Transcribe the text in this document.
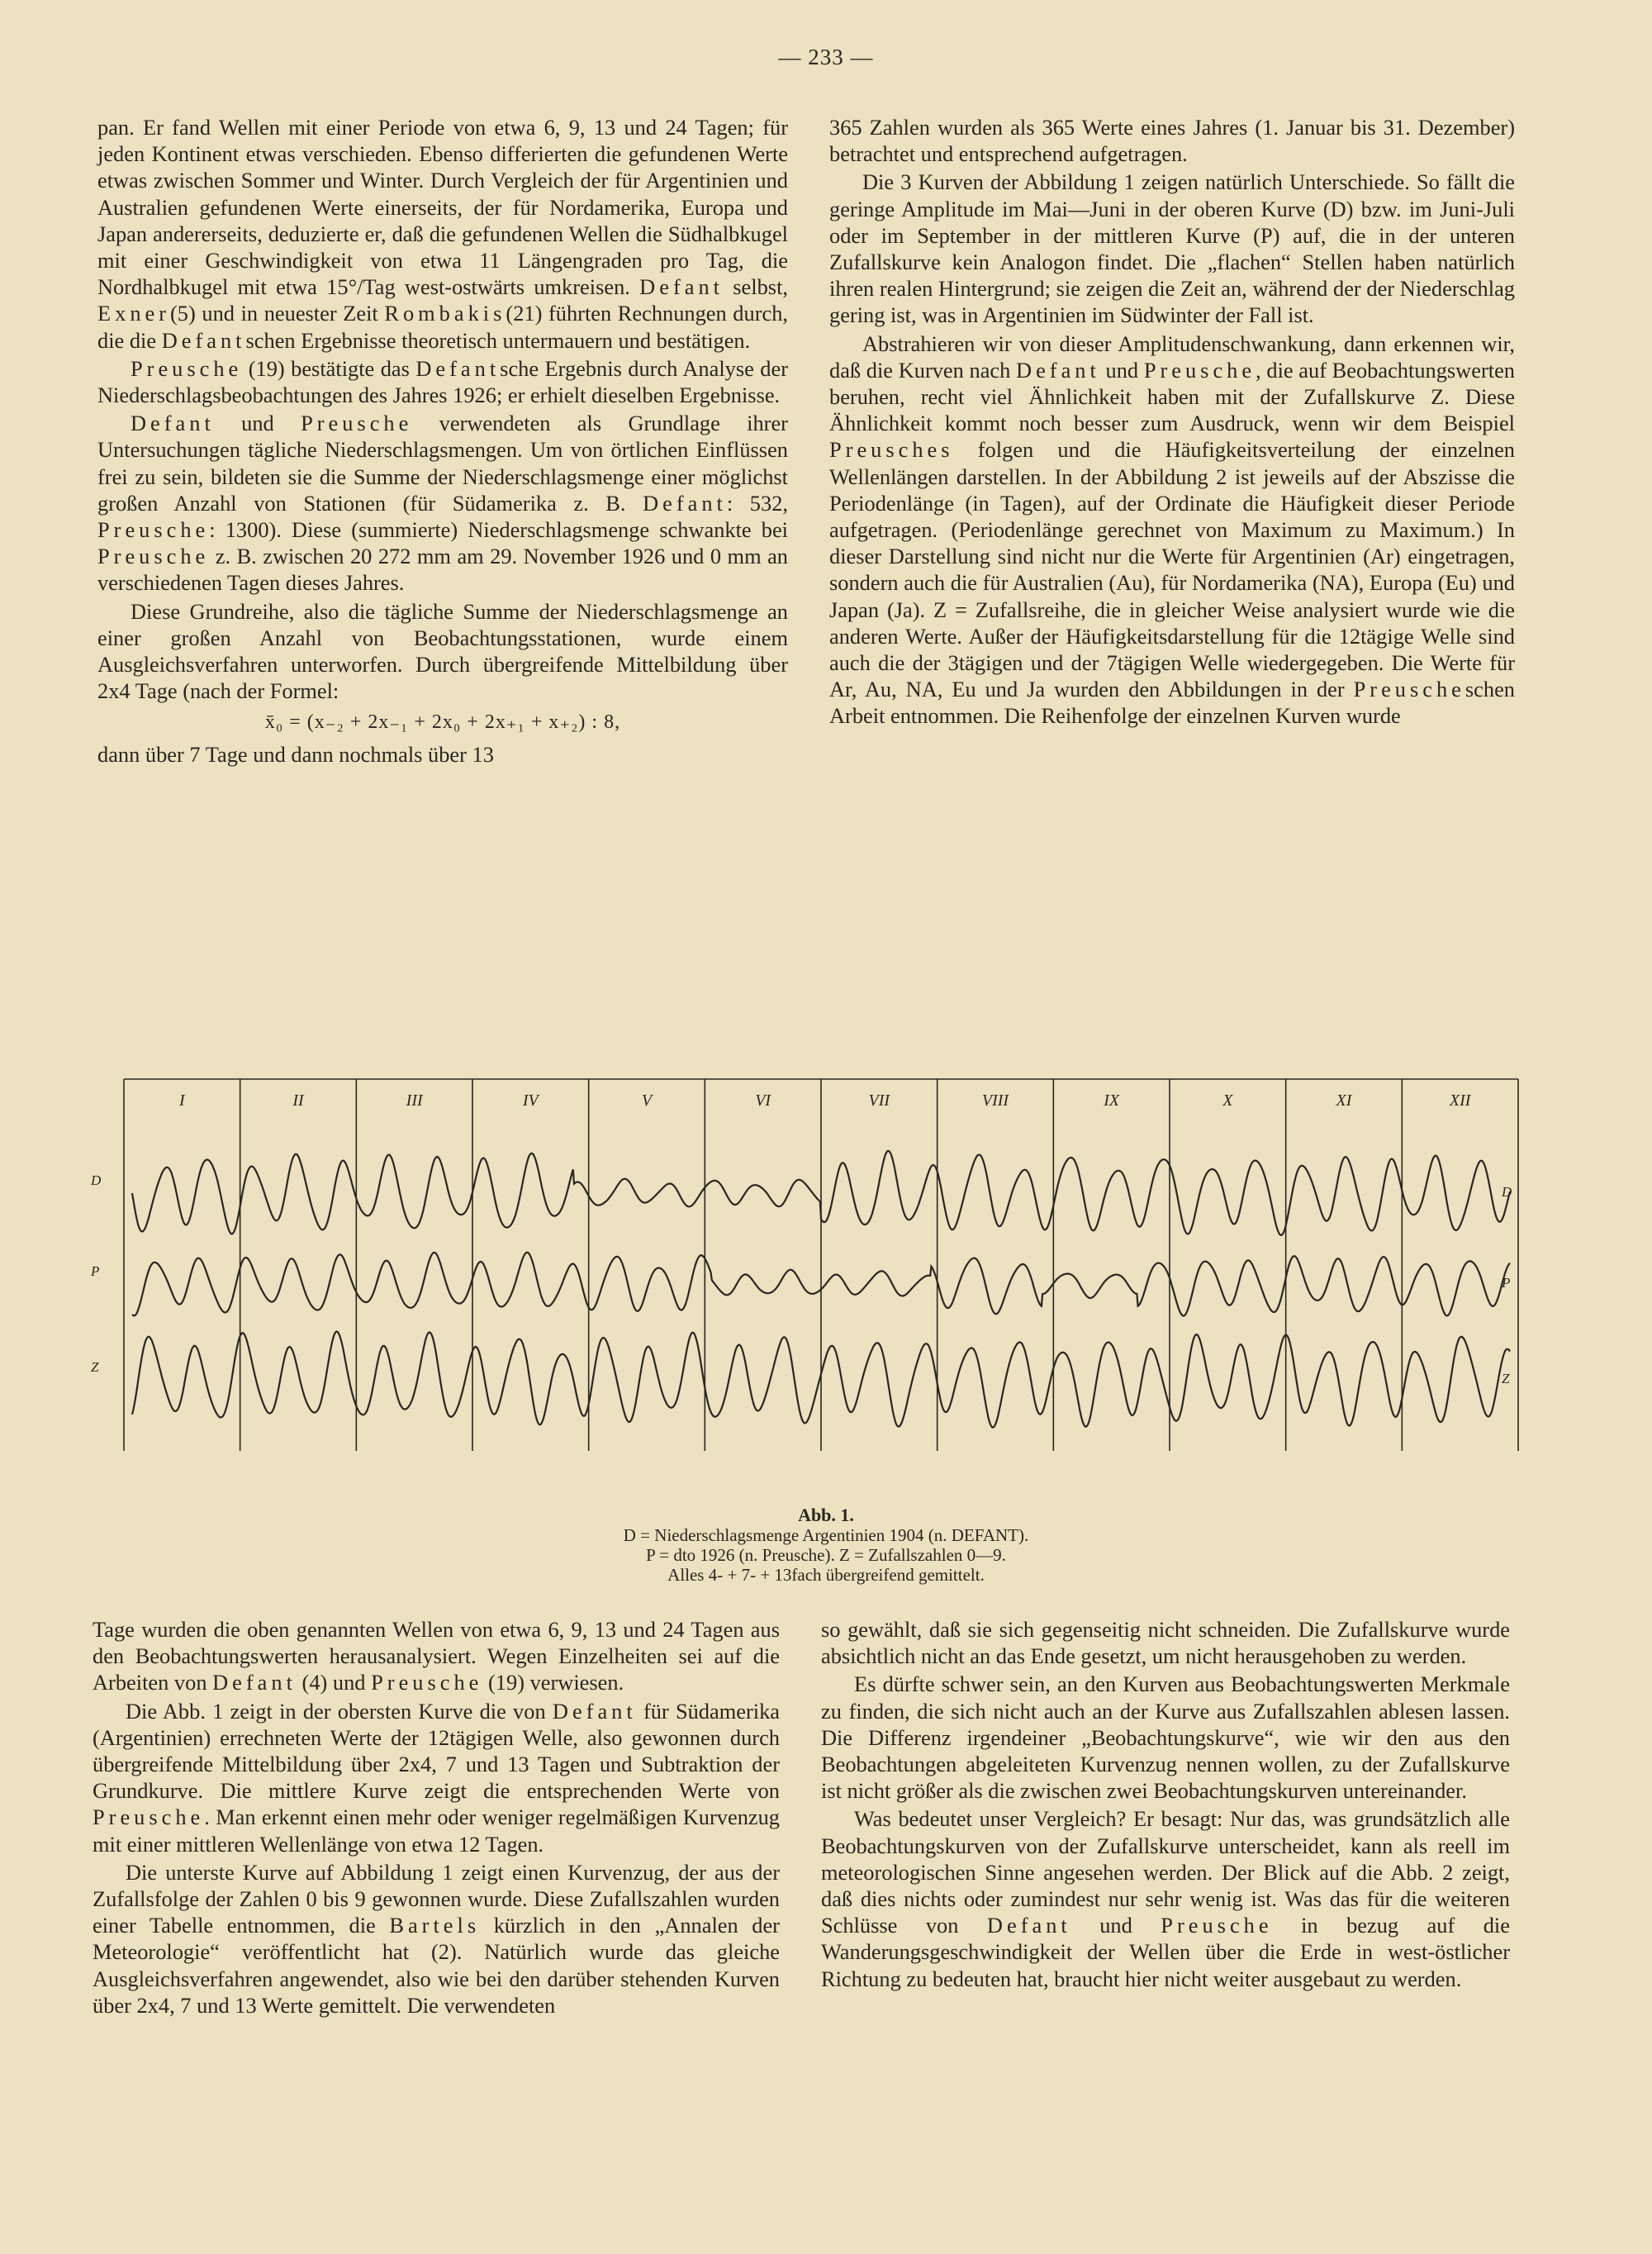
— 233 —

pan. Er fand Wellen mit einer Periode von etwa 6, 9, 13 und 24 Tagen; für jeden Kontinent etwas verschieden. Ebenso differierten die gefundenen Werte etwas zwischen Sommer und Winter. Durch Vergleich der für Argentinien und Australien gefundenen Werte einerseits, der für Nordamerika, Europa und Japan andererseits, deduzierte er, daß die gefundenen Wellen die Südhalbkugel mit einer Geschwindigkeit von etwa 11 Längengraden pro Tag, die Nordhalbkugel mit etwa 15°/Tag west-ostwärts umkreisen. Defant selbst, Exner(5) und in neuester Zeit Rombakis(21) führten Rechnungen durch, die die Defantschen Ergebnisse theoretisch untermauern und bestätigen.

Preusche (19) bestätigte das Defantsche Ergebnis durch Analyse der Niederschlagsbeobachtungen des Jahres 1926; er erhielt dieselben Ergebnisse.

Defant und Preusche verwendeten als Grundlage ihrer Untersuchungen tägliche Niederschlagsmengen. Um von örtlichen Einflüssen frei zu sein, bildeten sie die Summe der Niederschlagsmenge einer möglichst großen Anzahl von Stationen (für Südamerika z. B. Defant: 532, Preusche: 1300). Diese (summierte) Niederschlagsmenge schwankte bei Preusche z. B. zwischen 20 272 mm am 29. November 1926 und 0 mm an verschiedenen Tagen dieses Jahres.

Diese Grundreihe, also die tägliche Summe der Niederschlagsmenge an einer großen Anzahl von Beobachtungsstationen, wurde einem Ausgleichsverfahren unterworfen. Durch übergreifende Mittelbildung über 2x4 Tage (nach der Formel:

x̄₀ = (x₋₂ + 2x₋₁ + 2x₀ + 2x₊₁ + x₊₂) : 8,

dann über 7 Tage und dann nochmals über 13

365 Zahlen wurden als 365 Werte eines Jahres (1. Januar bis 31. Dezember) betrachtet und entsprechend aufgetragen.

Die 3 Kurven der Abbildung 1 zeigen natürlich Unterschiede. So fällt die geringe Amplitude im Mai—Juni in der oberen Kurve (D) bzw. im Juni-Juli oder im September in der mittleren Kurve (P) auf, die in der unteren Zufallskurve kein Analogon findet. Die „flachen“ Stellen haben natürlich ihren realen Hintergrund; sie zeigen die Zeit an, während der der Niederschlag gering ist, was in Argentinien im Südwinter der Fall ist.

Abstrahieren wir von dieser Amplitudenschwankung, dann erkennen wir, daß die Kurven nach Defant und Preusche, die auf Beobachtungswerten beruhen, recht viel Ähnlichkeit haben mit der Zufallskurve Z. Diese Ähnlichkeit kommt noch besser zum Ausdruck, wenn wir dem Beispiel Preusches folgen und die Häufigkeitsverteilung der einzelnen Wellenlängen darstellen. In der Abbildung 2 ist jeweils auf der Abszisse die Periodenlänge (in Tagen), auf der Ordinate die Häufigkeit dieser Periode aufgetragen. (Periodenlänge gerechnet von Maximum zu Maximum.) In dieser Darstellung sind nicht nur die Werte für Argentinien (Ar) eingetragen, sondern auch die für Australien (Au), für Nordamerika (NA), Europa (Eu) und Japan (Ja). Z = Zufallsreihe, die in gleicher Weise analysiert wurde wie die anderen Werte. Außer der Häufigkeitsdarstellung für die 12tägige Welle sind auch die der 3tägigen und der 7tägigen Welle wiedergegeben. Die Werte für Ar, Au, NA, Eu und Ja wurden den Abbildungen in der Preuscheschen Arbeit entnommen. Die Reihenfolge der einzelnen Kurven wurde

I	II	III	IV	V	VI	VII	VIII	IX	X	XI	XII
D
D
P
P
Z
Z
Abb. 1.
D = Niederschlagsmenge Argentinien 1904 (n. DEFANT).
P = dto 1926 (n. Preusche). Z = Zufallszahlen 0—9.
Alles 4- + 7- + 13fach übergreifend gemittelt.

Tage wurden die oben genannten Wellen von etwa 6, 9, 13 und 24 Tagen aus den Beobachtungswerten herausanalysiert. Wegen Einzelheiten sei auf die Arbeiten von Defant (4) und Preusche (19) verwiesen.

Die Abb. 1 zeigt in der obersten Kurve die von Defant für Südamerika (Argentinien) errechneten Werte der 12tägigen Welle, also gewonnen durch übergreifende Mittelbildung über 2x4, 7 und 13 Tagen und Subtraktion der Grundkurve. Die mittlere Kurve zeigt die entsprechenden Werte von Preusche. Man erkennt einen mehr oder weniger regelmäßigen Kurvenzug mit einer mittleren Wellenlänge von etwa 12 Tagen.

Die unterste Kurve auf Abbildung 1 zeigt einen Kurvenzug, der aus der Zufallsfolge der Zahlen 0 bis 9 gewonnen wurde. Diese Zufallszahlen wurden einer Tabelle entnommen, die Bartels kürzlich in den „Annalen der Meteorologie“ veröffentlicht hat (2). Natürlich wurde das gleiche Ausgleichsverfahren angewendet, also wie bei den darüber stehenden Kurven über 2x4, 7 und 13 Werte gemittelt. Die verwendeten

so gewählt, daß sie sich gegenseitig nicht schneiden. Die Zufallskurve wurde absichtlich nicht an das Ende gesetzt, um nicht herausgehoben zu werden.

Es dürfte schwer sein, an den Kurven aus Beobachtungswerten Merkmale zu finden, die sich nicht auch an der Kurve aus Zufallszahlen ablesen lassen. Die Differenz irgendeiner „Beobachtungskurve“, wie wir den aus den Beobachtungen abgeleiteten Kurvenzug nennen wollen, zu der Zufallskurve ist nicht größer als die zwischen zwei Beobachtungskurven untereinander.

Was bedeutet unser Vergleich? Er besagt: Nur das, was grundsätzlich alle Beobachtungskurven von der Zufallskurve unterscheidet, kann als reell im meteorologischen Sinne angesehen werden. Der Blick auf die Abb. 2 zeigt, daß dies nichts oder zumindest nur sehr wenig ist. Was das für die weiteren Schlüsse von Defant und Preusche in bezug auf die Wanderungsgeschwindigkeit der Wellen über die Erde in west-östlicher Richtung zu bedeuten hat, braucht hier nicht weiter ausgebaut zu werden.
